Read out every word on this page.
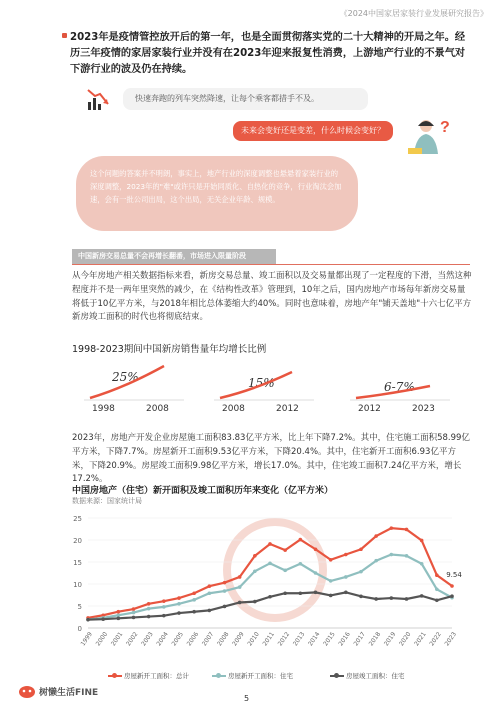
《2024中国家居家装行业发展研究报告》
2023年是疫情管控放开后的第一年，也是全面贯彻落实党的二十大精神的开局之年。经历三年疫情的家居家装行业并没有在2023年迎来报复性消费，上游地产行业的不景气对下游行业的波及仍在持续。
快速奔跑的列车突然降速，让每个乘客都措手不及。
未来会变好还是变差，什么时候会变好？	?
这个问题的答案并不明朗，事实上，地产行业的深度调整也悬悬着家装行业的深度调整，2023年的"难"或许只是开始同质化、自热化的竞争，行业淘汰会加速，会有一批公司出局，这个出局，无关企业年龄、规模。
中国新房交易总量不会再增长翻番，市场进入限量阶段
从今年房地产相关数据指标来看，新房交易总量、竣工面积以及交易量都出现了一定程度的下滑，当然这种程度并不是一两年里突然的减少，在《结构性改革》管理到，10年之后，国内房地产市场每年新房交易量将低于10亿平方米，与2018年相比总体萎缩大约40%。同时也意味着，房地产年"铺天盖地"十六七亿平方新房竣工面积的时代也将彻底结束。
1998-2023期间中国新房销售量年均增长比例
25%
1998	2008
15%
2008	2012
6-7%
2012	2023
2023年，房地产开发企业房屋施工面积83.83亿平方米，比上年下降7.2%。其中，住宅施工面积58.99亿平方米，下降7.7%。房屋新开工面积9.53亿平方米，下降20.4%。其中，住宅新开工面积6.93亿平方米，下降20.9%。房屋竣工面积9.98亿平方米，增长17.0%。其中，住宅竣工面积7.24亿平方米，增长17.2%。
中国房地产（住宅）新开面积及竣工面积历年来变化（亿平方米）
数据来源：国家统计局
0
5
10
15
20
25
1999 2000 2001 2002 2003 2004 2005 2006 2007 2008 2009 2010 2011 2012 2013 2014 2015 2016 2017 2018 2019 2020 2021 2022 2023
9.54
房屋新开工面积：总计	房屋新开工面积：住宅	房屋竣工面积：住宅
树懒生活FINE
5
